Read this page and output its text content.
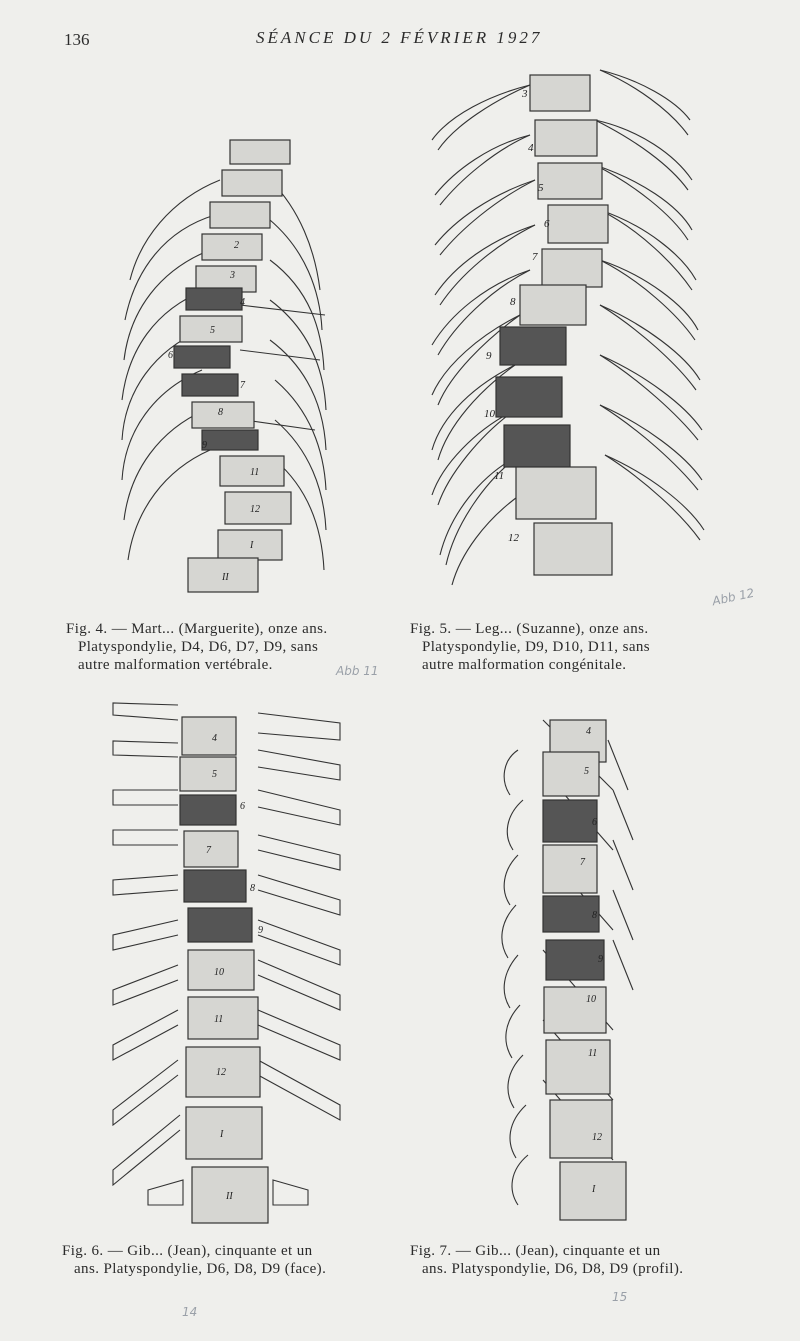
136	SÉANCE DU 2 FÉVRIER 1927
3
2
4
5
6
7
8
9
11
12
I
II
Fig. 4. — Mart... (Marguerite), onze ans.
Platyspondylie, D4, D6, D7, D9, sans
autre malformation vertébrale.
3
4
5
6
7
8
9
10
11
12
Fig. 5. — Leg... (Suzanne), onze ans.
Platyspondylie, D9, D10, D11, sans
autre malformation congénitale.
4
5
6
7
8
9
10
11
12
I
II
Fig. 6. — Gib... (Jean), cinquante et un
ans. Platyspondylie, D6, D8, D9 (face).
4
5
6
7
8
9
10
11
12
I
Fig. 7. — Gib... (Jean), cinquante et un
ans. Platyspondylie, D6, D8, D9 (profil).
Abb 12
Abb 11
14
15
